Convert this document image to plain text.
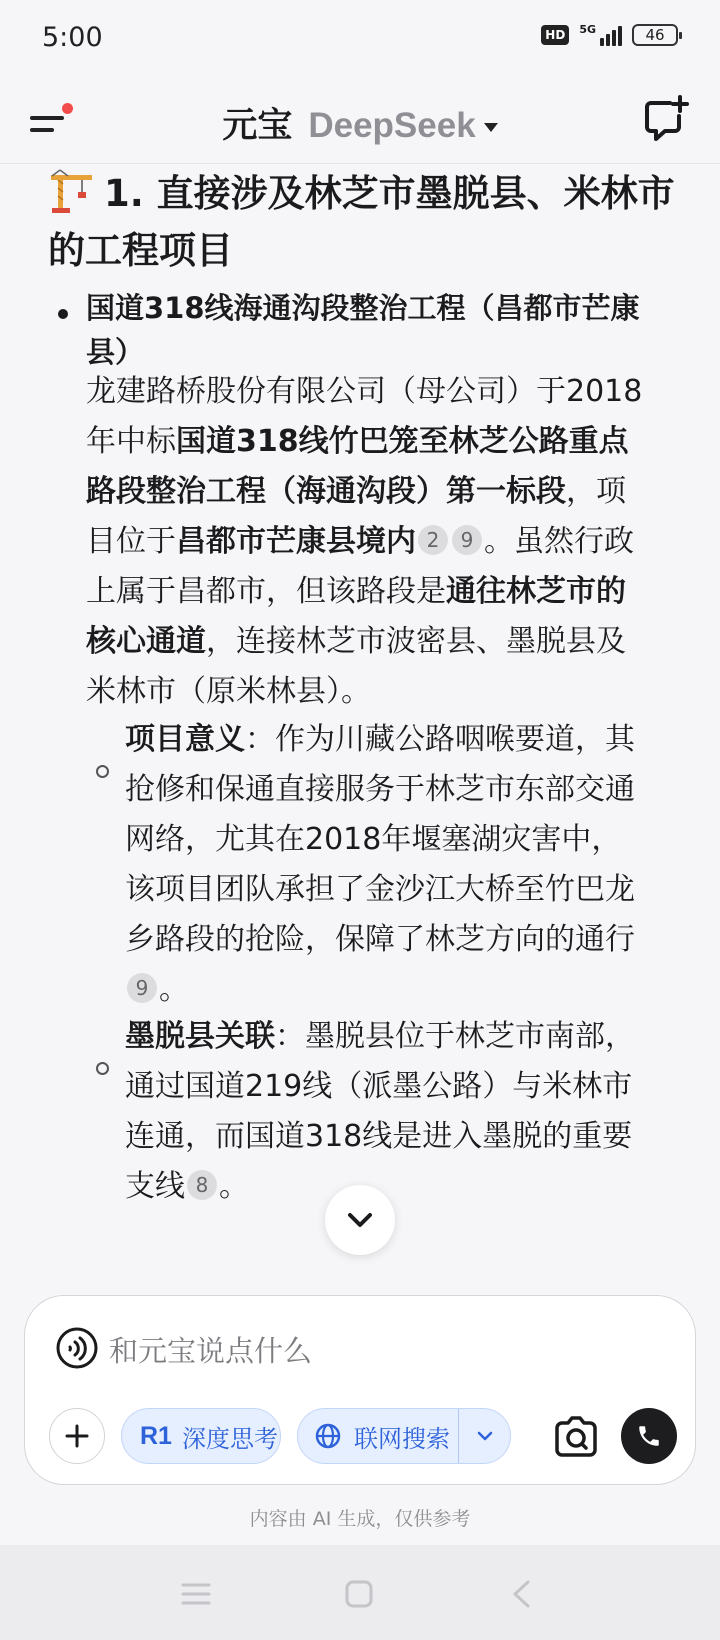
5:00	HD	5G	46
元宝 DeepSeek
1. 直接涉及林芝市墨脱县、米林市的工程项目
国道318线海通沟段整治工程（昌都市芒康县）
龙建路桥股份有限公司（母公司）于2018年中标国道318线竹巴笼至林芝公路重点路段整治工程（海通沟段）第一标段，项目位于昌都市芒康县境内 2 9 。虽然行政上属于昌都市，但该路段是通往林芝市的核心通道，连接林芝市波密县、墨脱县及米林市（原米林县）。
项目意义：作为川藏公路咽喉要道，其抢修和保通直接服务于林芝市东部交通网络，尤其在2018年堰塞湖灾害中，该项目团队承担了金沙江大桥至竹巴龙乡路段的抢险，保障了林芝方向的通行9 。
墨脱县关联：墨脱县位于林芝市南部，通过国道219线（派墨公路）与米林市连通，而国道318线是进入墨脱的重要支线 8 。
和元宝说点什么
R1 深度思考	联网搜索
内容由 AI 生成，仅供参考
